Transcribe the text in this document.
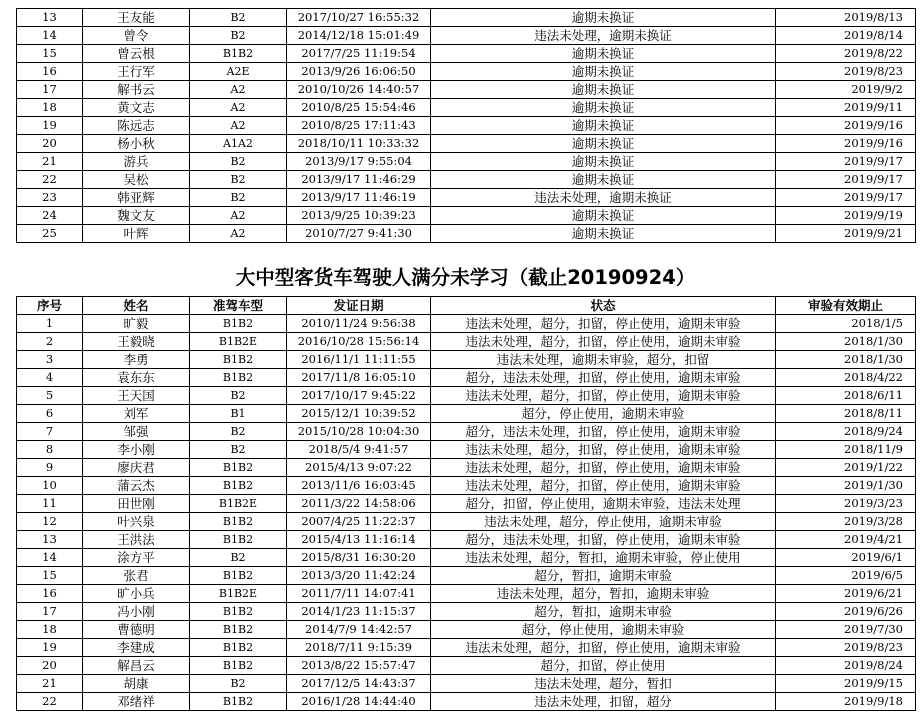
13	王友能	B2	2017/10/27 16:55:32	逾期未换证	2019/8/13
14	曾令	B2	2014/12/18 15:01:49	违法未处理，逾期未换证	2019/8/14
15	曾云根	B1B2	2017/7/25 11:19:54	逾期未换证	2019/8/22
16	王行军	A2E	2013/9/26 16:06:50	逾期未换证	2019/8/23
17	解书云	A2	2010/10/26 14:40:57	逾期未换证	2019/9/2
18	黄文志	A2	2010/8/25 15:54:46	逾期未换证	2019/9/11
19	陈远志	A2	2010/8/25 17:11:43	逾期未换证	2019/9/16
20	杨小秋	A1A2	2018/10/11 10:33:32	逾期未换证	2019/9/16
21	游兵	B2	2013/9/17 9:55:04	逾期未换证	2019/9/17
22	吴松	B2	2013/9/17 11:46:29	逾期未换证	2019/9/17
23	韩亚辉	B2	2013/9/17 11:46:19	违法未处理，逾期未换证	2019/9/17
24	魏文友	A2	2013/9/25 10:39:23	逾期未换证	2019/9/19
25	叶辉	A2	2010/7/27 9:41:30	逾期未换证	2019/9/21
大中型客货车驾驶人满分未学习（截止20190924）
序号	姓名	准驾车型	发证日期	状态	审验有效期止
1	旷毅	B1B2	2010/11/24 9:56:38	违法未处理，超分，扣留，停止使用，逾期未审验	2018/1/5
2	王毅晓	B1B2E	2016/10/28 15:56:14	违法未处理，超分，扣留，停止使用，逾期未审验	2018/1/30
3	李勇	B1B2	2016/11/1 11:11:55	违法未处理，逾期未审验，超分，扣留	2018/1/30
4	袁东东	B1B2	2017/11/8 16:05:10	超分，违法未处理，扣留，停止使用，逾期未审验	2018/4/22
5	王天国	B2	2017/10/17 9:45:22	违法未处理，超分，扣留，停止使用，逾期未审验	2018/6/11
6	刘军	B1	2015/12/1 10:39:52	超分，停止使用，逾期未审验	2018/8/11
7	邹强	B2	2015/10/28 10:04:30	超分，违法未处理，扣留，停止使用，逾期未审验	2018/9/24
8	李小刚	B2	2018/5/4 9:41:57	违法未处理，超分，扣留，停止使用，逾期未审验	2018/11/9
9	廖庆君	B1B2	2015/4/13 9:07:22	违法未处理，超分，扣留，停止使用，逾期未审验	2019/1/22
10	蒲云杰	B1B2	2013/11/6 16:03:45	违法未处理，超分，扣留，停止使用，逾期未审验	2019/1/30
11	田世刚	B1B2E	2011/3/22 14:58:06	超分，扣留，停止使用，逾期未审验，违法未处理	2019/3/23
12	叶兴泉	B1B2	2007/4/25 11:22:37	违法未处理，超分，停止使用，逾期未审验	2019/3/28
13	王洪法	B1B2	2015/4/13 11:16:14	超分，违法未处理，扣留，停止使用，逾期未审验	2019/4/21
14	涂方平	B2	2015/8/31 16:30:20	违法未处理，超分，暂扣，逾期未审验，停止使用	2019/6/1
15	张君	B1B2	2013/3/20 11:42:24	超分，暂扣，逾期未审验	2019/6/5
16	旷小兵	B1B2E	2011/7/11 14:07:41	违法未处理，超分，暂扣，逾期未审验	2019/6/21
17	冯小刚	B1B2	2014/1/23 11:15:37	超分，暂扣，逾期未审验	2019/6/26
18	曹德明	B1B2	2014/7/9 14:42:57	超分，停止使用，逾期未审验	2019/7/30
19	李建成	B1B2	2018/7/11 9:15:39	违法未处理，超分，扣留，停止使用，逾期未审验	2019/8/23
20	解昌云	B1B2	2013/8/22 15:57:47	超分，扣留，停止使用	2019/8/24
21	胡康	B2	2017/12/5 14:43:37	违法未处理，超分，暂扣	2019/9/15
22	邓绪祥	B1B2	2016/1/28 14:44:40	违法未处理，扣留，超分	2019/9/18
